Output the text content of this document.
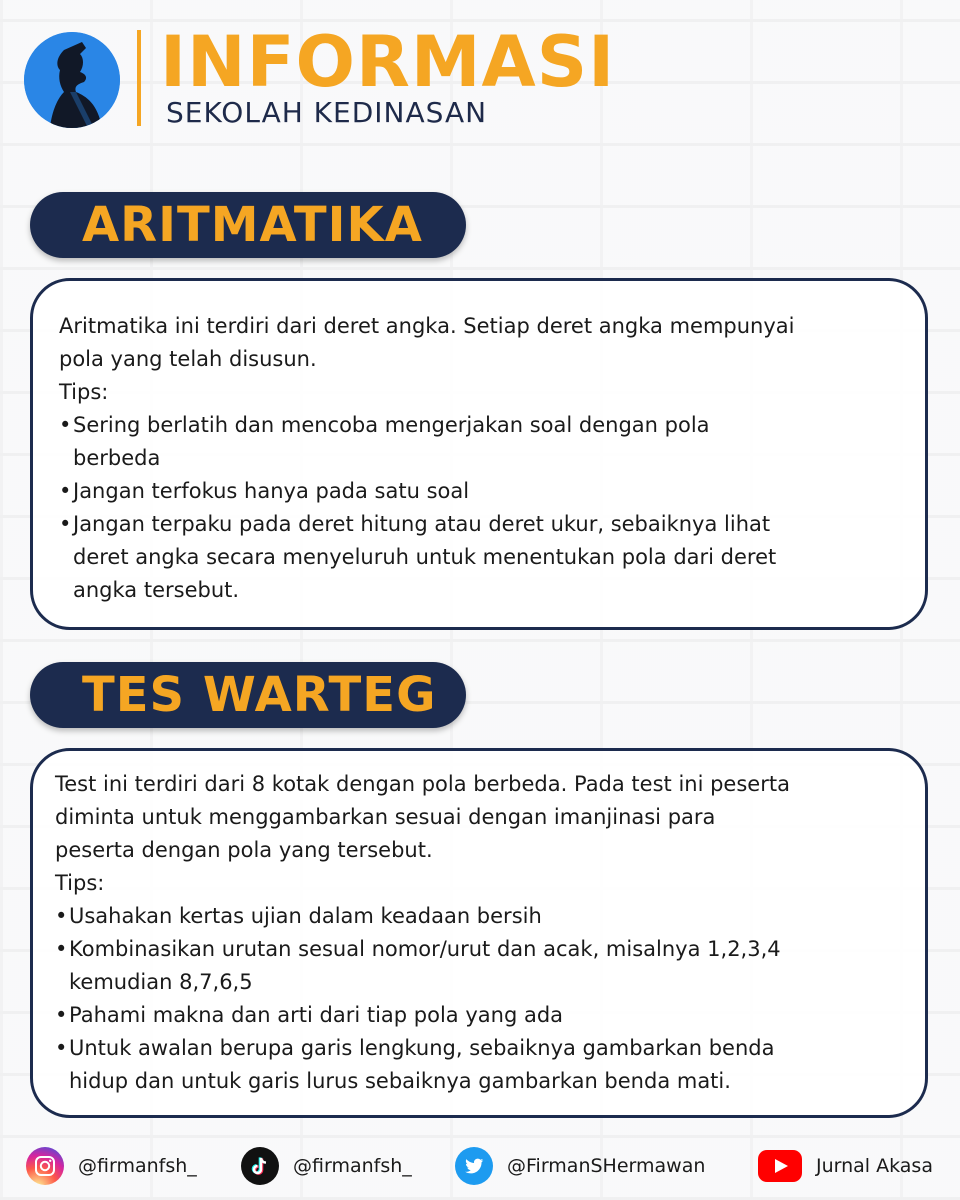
INFORMASI
SEKOLAH KEDINASAN
ARITMATIKA
Aritmatika ini terdiri dari deret angka. Setiap deret angka mempunyai
pola yang telah disusun.
Tips:
• Sering berlatih dan mencoba mengerjakan soal dengan pola
berbeda
• Jangan terfokus hanya pada satu soal
• Jangan terpaku pada deret hitung atau deret ukur, sebaiknya lihat
deret angka secara menyeluruh untuk menentukan pola dari deret
angka tersebut.
TES WARTEG
Test ini terdiri dari 8 kotak dengan pola berbeda. Pada test ini peserta
diminta untuk menggambarkan sesuai dengan imanjinasi para
peserta dengan pola yang tersebut.
Tips:
• Usahakan kertas ujian dalam keadaan bersih
• Kombinasikan urutan sesual nomor/urut dan acak, misalnya 1,2,3,4
kemudian 8,7,6,5
• Pahami makna dan arti dari tiap pola yang ada
• Untuk awalan berupa garis lengkung, sebaiknya gambarkan benda
hidup dan untuk garis lurus sebaiknya gambarkan benda mati.
@firmanfsh_	@firmanfsh_	@FirmanSHermawan	Jurnal Akasa
